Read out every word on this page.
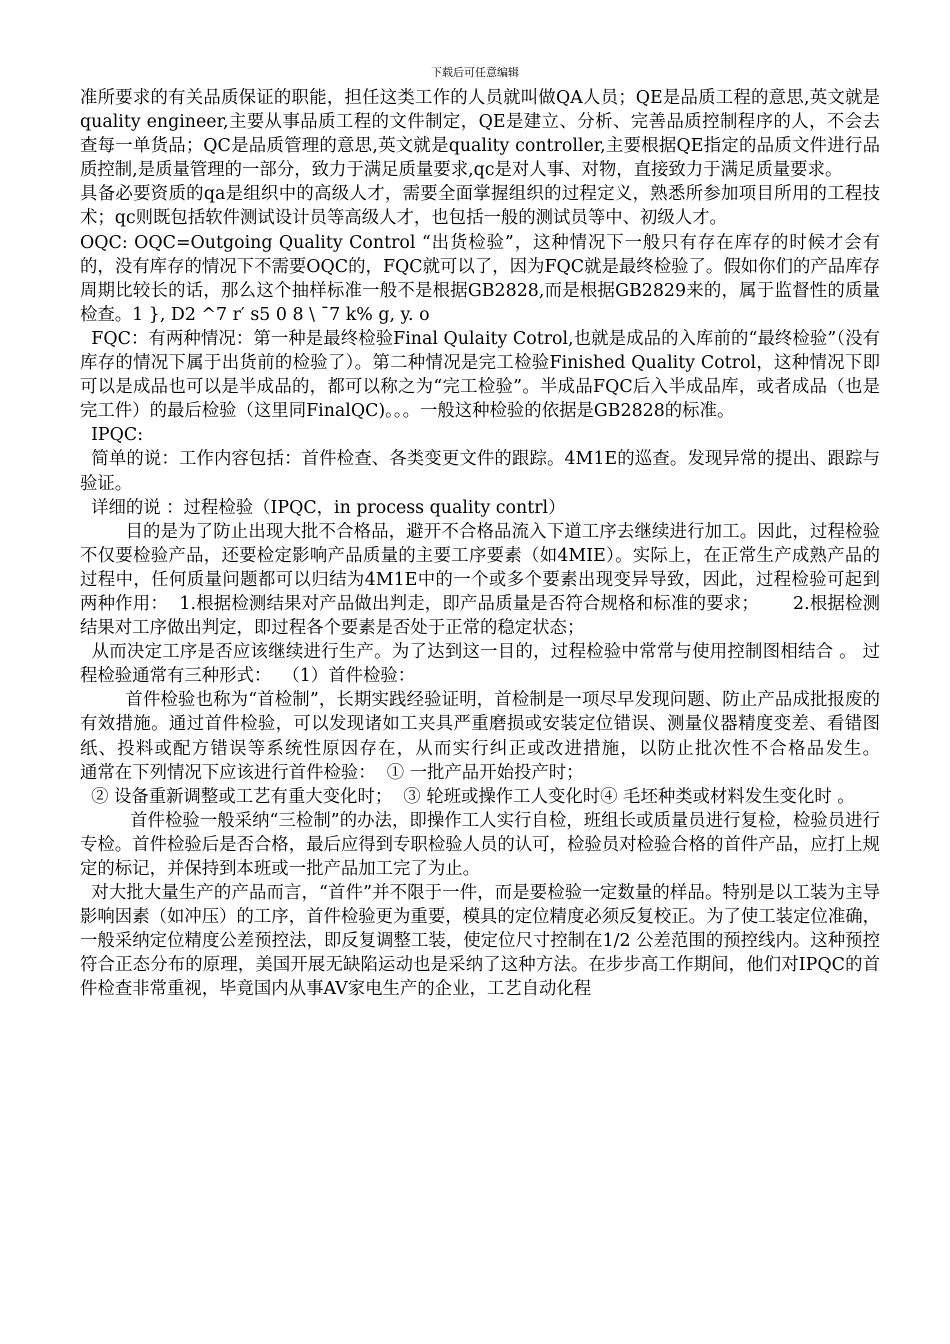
下载后可任意编辑

准所要求的有关品质保证的职能，担任这类工作的人员就叫做QA人员；QE是品质工程的意思,英文就是quality engineer,主要从事品质工程的文件制定，QE是建立、分析、完善品质控制程序的人，不会去查每一单货品；QC是品质管理的意思,英文就是quality controller,主要根据QE指定的品质文件进行品质控制,是质量管理的一部分，致力于满足质量要求,qc是对人事、对物，直接致力于满足质量要求。

具备必要资质的qa是组织中的高级人才，需要全面掌握组织的过程定义，熟悉所参加项目所用的工程技术；qc则既包括软件测试设计员等高级人才，也包括一般的测试员等中、初级人才。

OQC: OQC=Outgoing Quality Control “出货检验”，这种情况下一般只有存在库存的时候才会有的，没有库存的情况下不需要OQC的，FQC就可以了，因为FQC就是最终检验了。假如你们的产品库存周期比较长的话，那么这个抽样标准一般不是根据GB2828,而是根据GB2829来的，属于监督性的质量检查。1 }, D2 ^7 r′ s5 0 8 \ ¯7 k% g, y. o

FQC：有两种情况：第一种是最终检验Final Qulaity Cotrol,也就是成品的入库前的“最终检验”（没有库存的情况下属于出货前的检验了）。第二种情况是完工检验Finished Quality Cotrol，这种情况下即可以是成品也可以是半成品的，都可以称之为“完工检验”。半成品FQC后入半成品库，或者成品（也是完工件）的最后检验（这里同FinalQC)。。。一般这种检验的依据是GB2828的标准。

IPQC:

简单的说：工作内容包括：首件检查、各类变更文件的跟踪。4M1E的巡查。发现异常的提出、跟踪与验证。

详细的说 ：过程检验（IPQC，in process quality contrl）

目的是为了防止出现大批不合格品，避开不合格品流入下道工序去继续进行加工。因此，过程检验不仅要检验产品，还要检定影响产品质量的主要工序要素（如4MIE）。实际上，在正常生产成熟产品的过程中，任何质量问题都可以归结为4M1E中的一个或多个要素出现变异导致，因此，过程检验可起到两种作用：  1.根据检测结果对产品做出判走，即产品质量是否符合规格和标准的要求；      2.根据检测结果对工序做出判定，即过程各个要素是否处于正常的稳定状态；

从而决定工序是否应该继续进行生产。为了达到这一目的，过程检验中常常与使用控制图相结合 。 过程检验通常有三种形式：  （1）首件检验：

首件检验也称为“首检制”，长期实践经验证明，首检制是一项尽早发现问题、防止产品成批报废的有效措施。通过首件检验，可以发现诸如工夹具严重磨损或安装定位错误、测量仪器精度变差、看错图纸、投料或配方错误等系统性原因存在，从而实行纠正或改进措施，以防止批次性不合格品发生。       通常在下列情况下应该进行首件检验：  ① 一批产品开始投产时；

② 设备重新调整或工艺有重大变化时；  ③ 轮班或操作工人变化时④ 毛坯种类或材料发生变化时 。

首件检验一般采纳“三检制”的办法，即操作工人实行自检，班组长或质量员进行复检，检验员进行专检。首件检验后是否合格，最后应得到专职检验人员的认可，检验员对检验合格的首件产品，应打上规定的标记，并保持到本班或一批产品加工完了为止。

对大批大量生产的产品而言，“首件”并不限于一件，而是要检验一定数量的样品。特别是以工装为主导影响因素（如冲压）的工序，首件检验更为重要，模具的定位精度必须反复校正。为了使工装定位准确，一般采纳定位精度公差预控法，即反复调整工装，使定位尺寸控制在1/2 公差范围的预控线内。这种预控符合正态分布的原理，美国开展无缺陷运动也是采纳了这种方法。在步步高工作期间，他们对IPQC的首件检查非常重视，毕竟国内从事AV家电生产的企业，工艺自动化程
